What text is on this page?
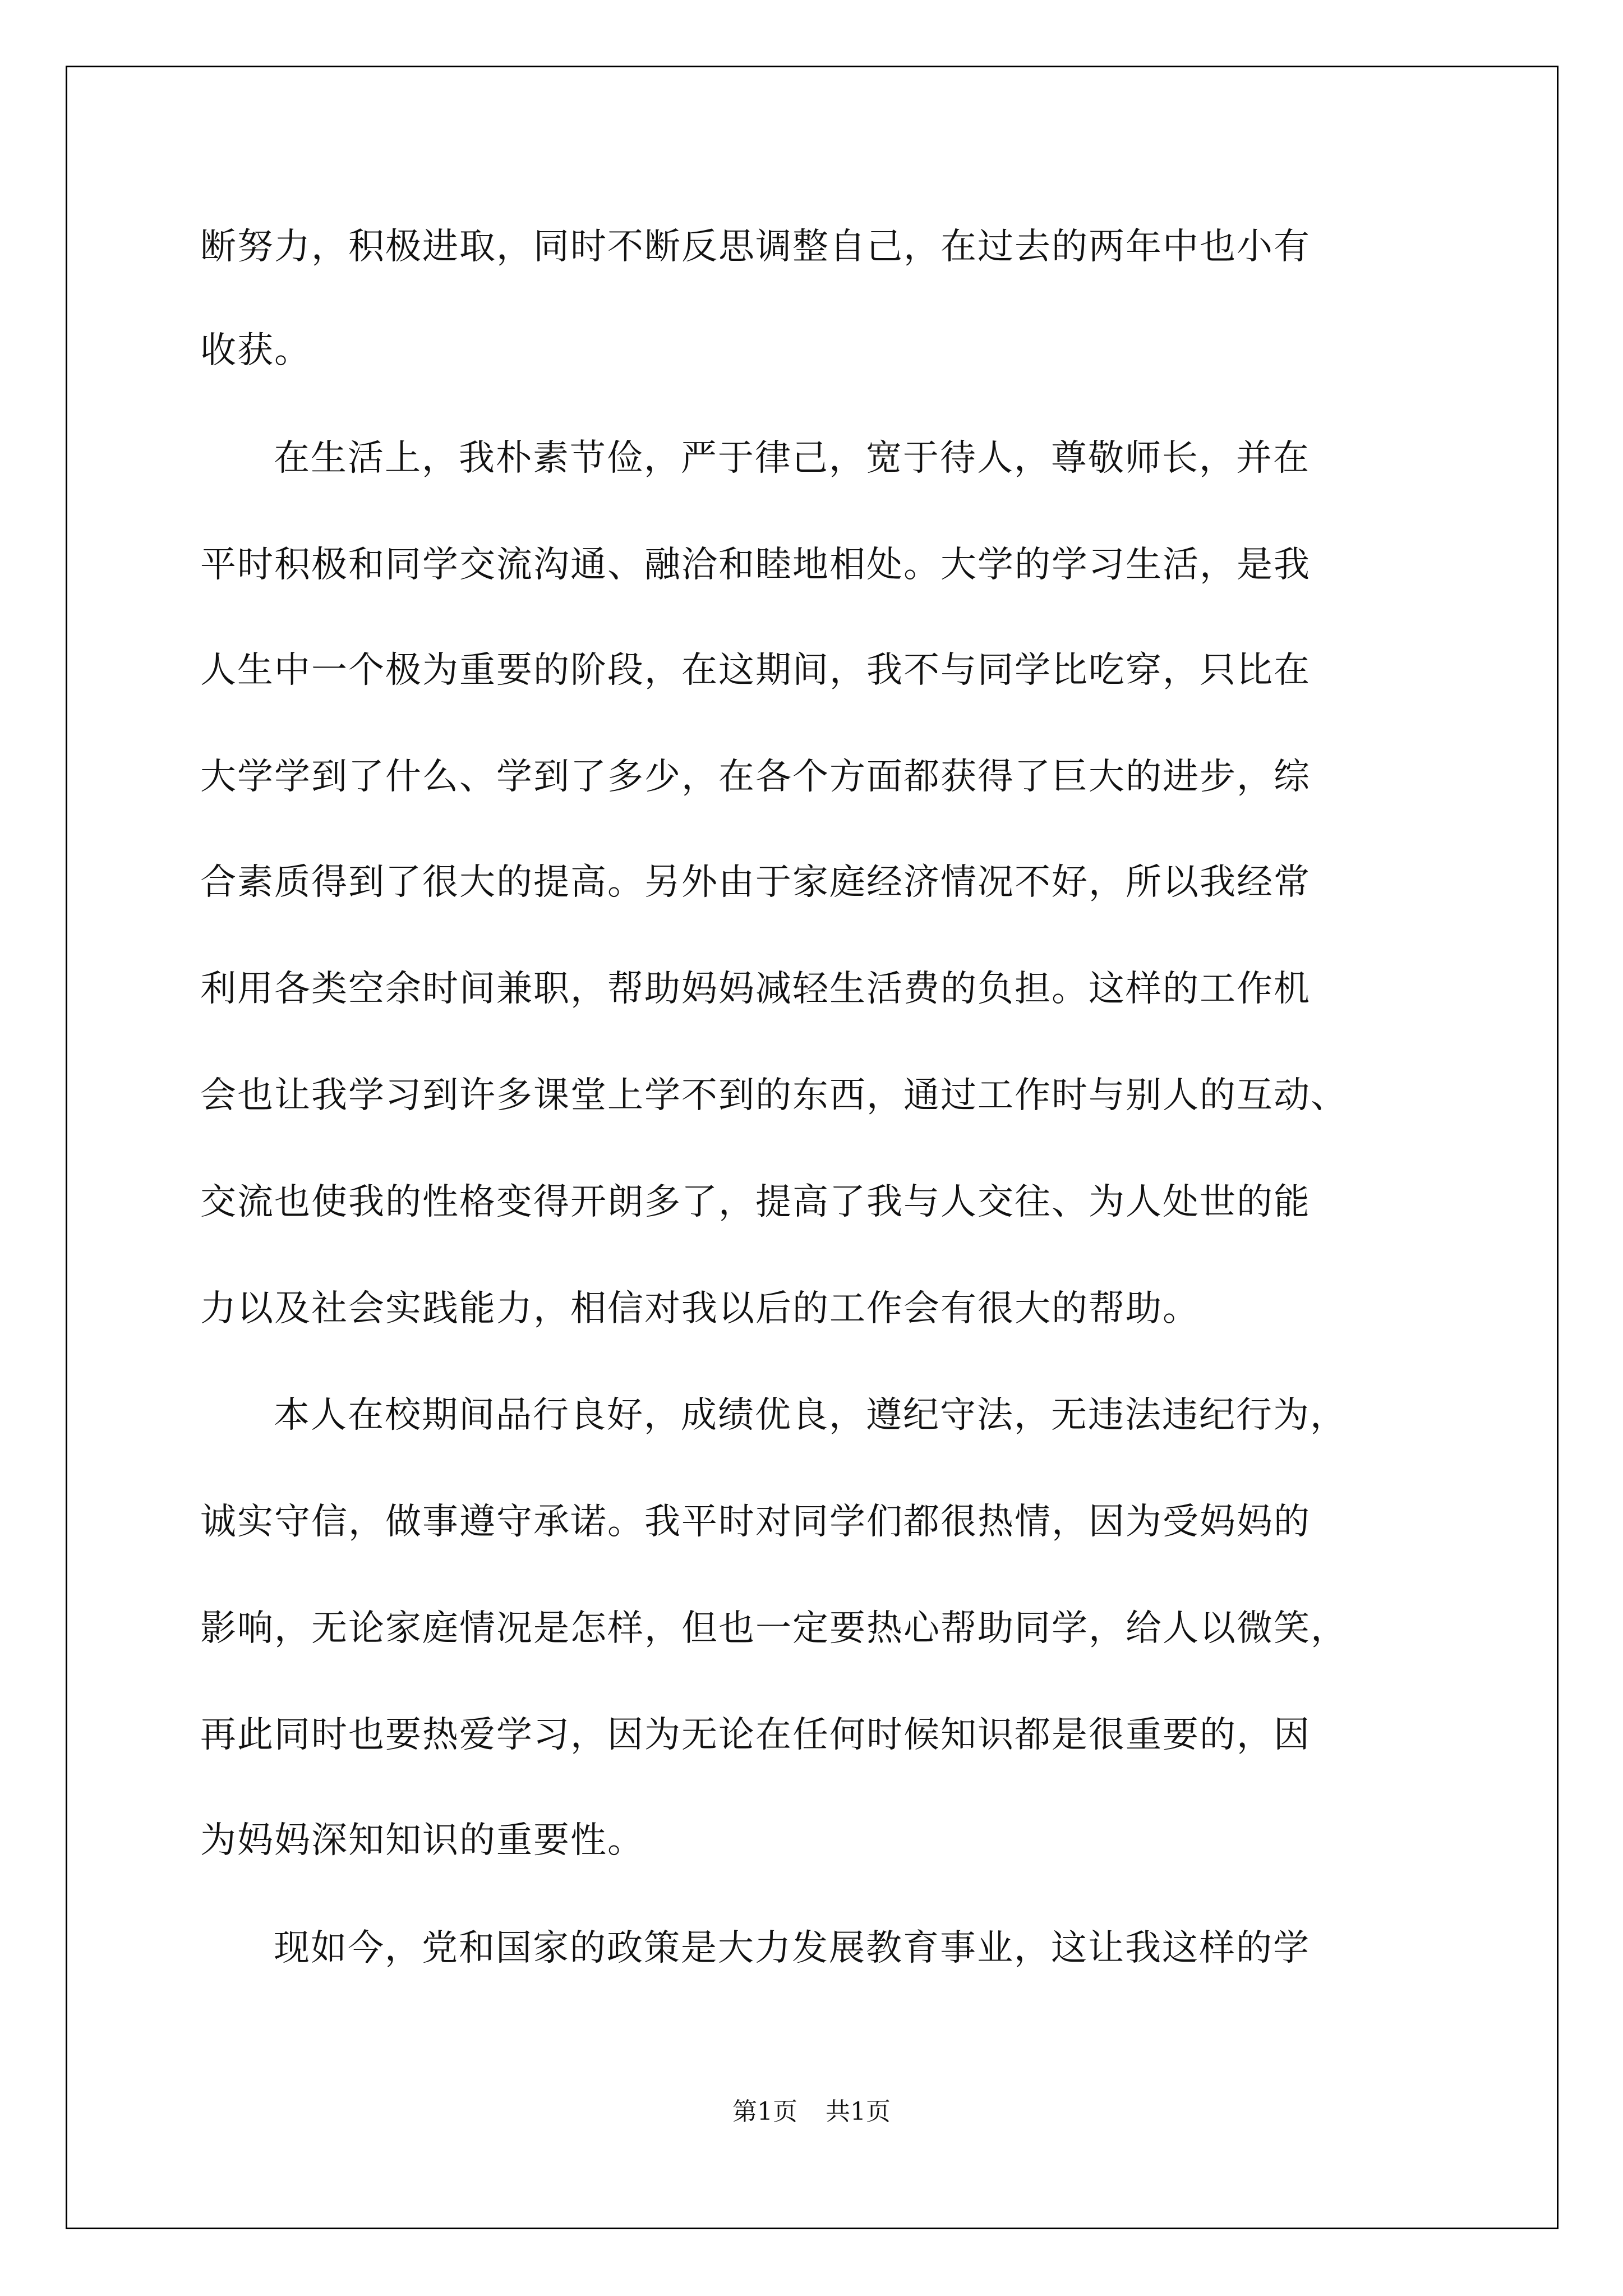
断努力，积极进取，同时不断反思调整自己，在过去的两年中也小有
收获。
在生活上，我朴素节俭，严于律己，宽于待人，尊敬师长，并在
平时积极和同学交流沟通、融洽和睦地相处。大学的学习生活，是我
人生中一个极为重要的阶段，在这期间，我不与同学比吃穿，只比在
大学学到了什么、学到了多少，在各个方面都获得了巨大的进步，综
合素质得到了很大的提高。另外由于家庭经济情况不好，所以我经常
利用各类空余时间兼职，帮助妈妈减轻生活费的负担。这样的工作机
会也让我学习到许多课堂上学不到的东西，通过工作时与别人的互动、
交流也使我的性格变得开朗多了，提高了我与人交往、为人处世的能
力以及社会实践能力，相信对我以后的工作会有很大的帮助。
本人在校期间品行良好，成绩优良，遵纪守法，无违法违纪行为，
诚实守信，做事遵守承诺。我平时对同学们都很热情，因为受妈妈的
影响，无论家庭情况是怎样，但也一定要热心帮助同学，给人以微笑，
再此同时也要热爱学习，因为无论在任何时候知识都是很重要的，因
为妈妈深知知识的重要性。
现如今，党和国家的政策是大力发展教育事业，这让我这样的学
第1页 共1页
